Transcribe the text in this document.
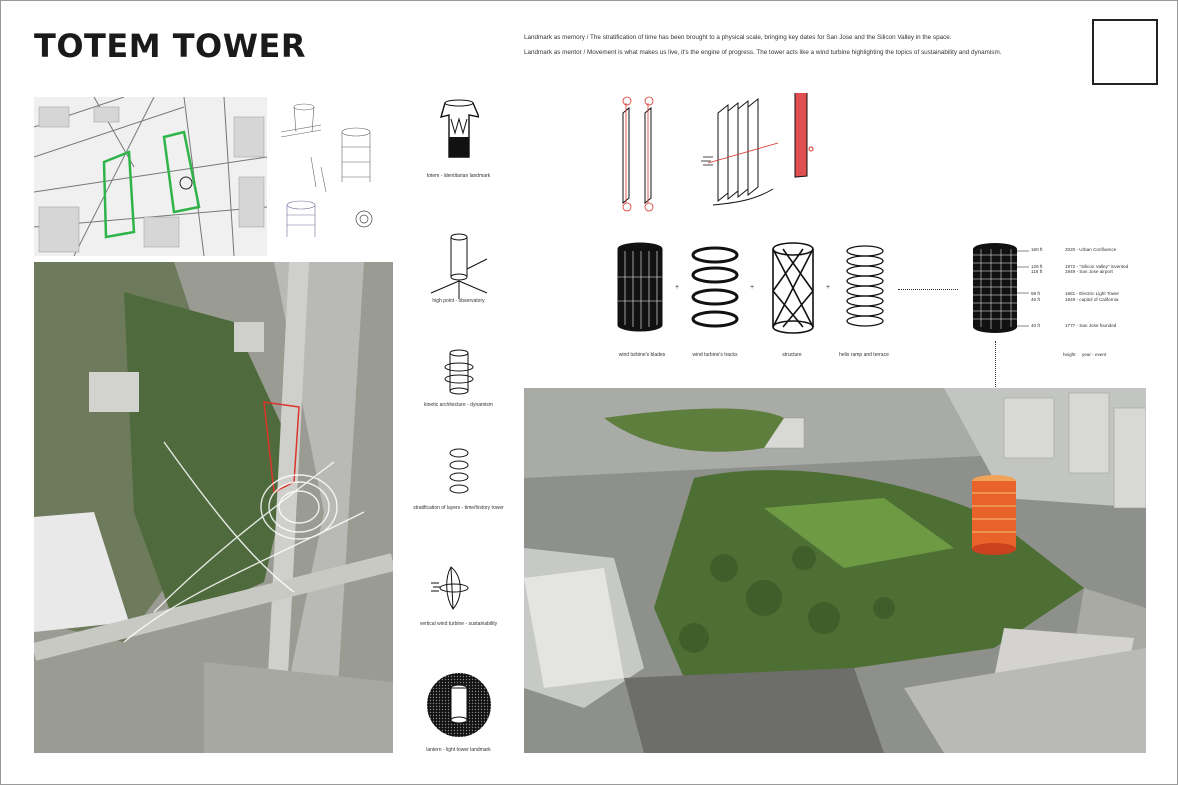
TOTEM TOWER	Landmark as memory / The stratification of time has been brought to a physical scale, bringing key dates for San Jose and the Silicon Valley in the space.

Landmark as mentor / Movement is what makes us live, it's the engine of progress. The tower acts like a wind turbine highlighting the topics of sustainability and dynamism.

totem - identitarian landmark
high point - observatory
kinetic architecture - dynamism
stratification of layers - time/history tower
vertical wind turbine - sustainability
lantern - light tower landmark
+	+	+
wind turbine's blades	wind turbine's tracks	structure	helix ramp and terrace
160 ft	2020 - Urban Confluence
126 ft	1972 - "Silicon Valley" invented
116 ft	1949 - San Jose airport
59 ft	1881 - Electric Light Tower
46 ft	1849 - capitol of California
40 ft	1777 - San Jose founded
height year - event
